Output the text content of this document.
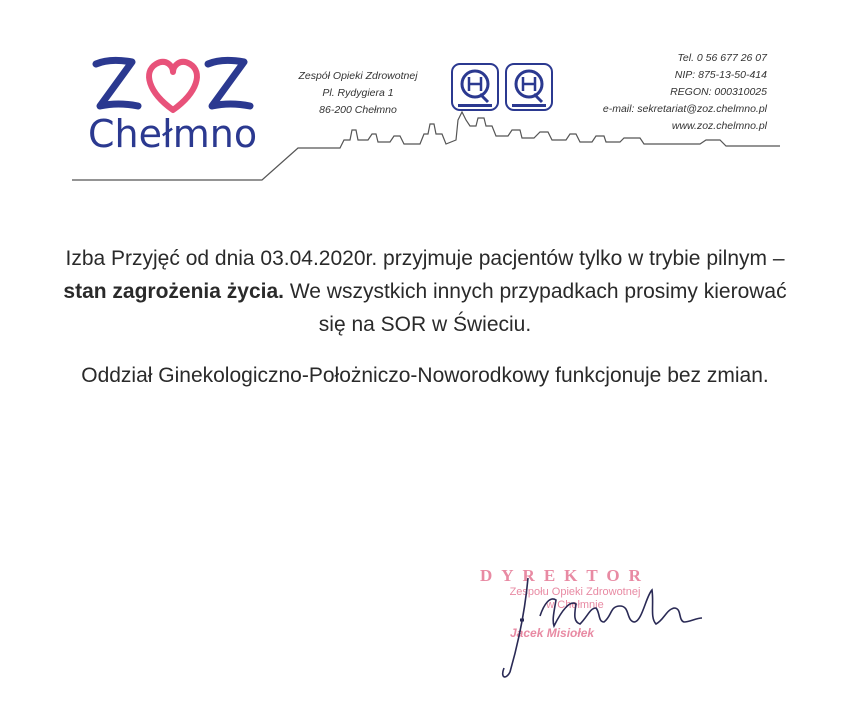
Chełmno
Zespół Opieki Zdrowotnej
Pl. Rydygiera 1
86-200 Chełmno
Tel. 0 56 677 26 07
NIP: 875-13-50-414
REGON: 000310025
e-mail: sekretariat@zoz.chelmno.pl
www.zoz.chelmno.pl

Izba Przyjęć od dnia 03.04.2020r. przyjmuje pacjentów tylko w trybie pilnym – stan zagrożenia życia. We wszystkich innych przypadkach prosimy kierować się na SOR w Świeciu.

Oddział Ginekologiczno-Położniczo-Noworodkowy funkcjonuje bez zmian.

DYREKTOR
Zespołu Opieki Zdrowotnej
w Chełmnie
Jacek Misiołek
